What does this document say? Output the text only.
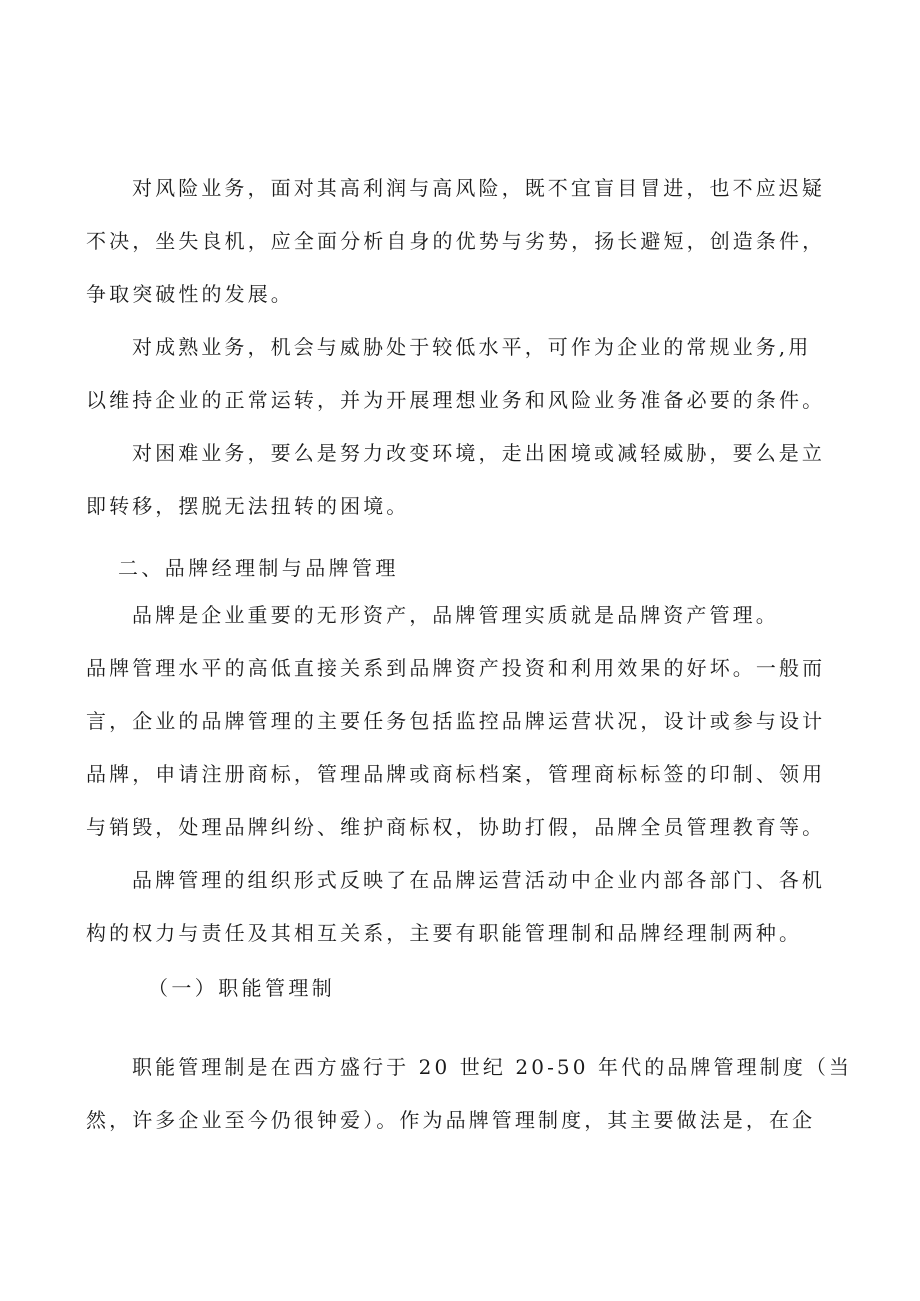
对风险业务，面对其高利润与高风险，既不宜盲目冒进，也不应迟疑
不决，坐失良机，应全面分析自身的优势与劣势，扬长避短，创造条件，
争取突破性的发展。
对成熟业务，机会与威胁处于较低水平，可作为企业的常规业务,用
以维持企业的正常运转，并为开展理想业务和风险业务准备必要的条件。
对困难业务，要么是努力改变环境，走出困境或减轻威胁，要么是立
即转移，摆脱无法扭转的困境。
二、品牌经理制与品牌管理
品牌是企业重要的无形资产，品牌管理实质就是品牌资产管理。
品牌管理水平的高低直接关系到品牌资产投资和利用效果的好坏。一般而
言，企业的品牌管理的主要任务包括监控品牌运营状况，设计或参与设计
品牌，申请注册商标，管理品牌或商标档案，管理商标标签的印制、领用
与销毁，处理品牌纠纷、维护商标权，协助打假，品牌全员管理教育等。
品牌管理的组织形式反映了在品牌运营活动中企业内部各部门、各机
构的权力与责任及其相互关系，主要有职能管理制和品牌经理制两种。
（一）职能管理制
职能管理制是在西方盛行于 20 世纪 20-50 年代的品牌管理制度（当
然，许多企业至今仍很钟爱）。作为品牌管理制度，其主要做法是，在企
